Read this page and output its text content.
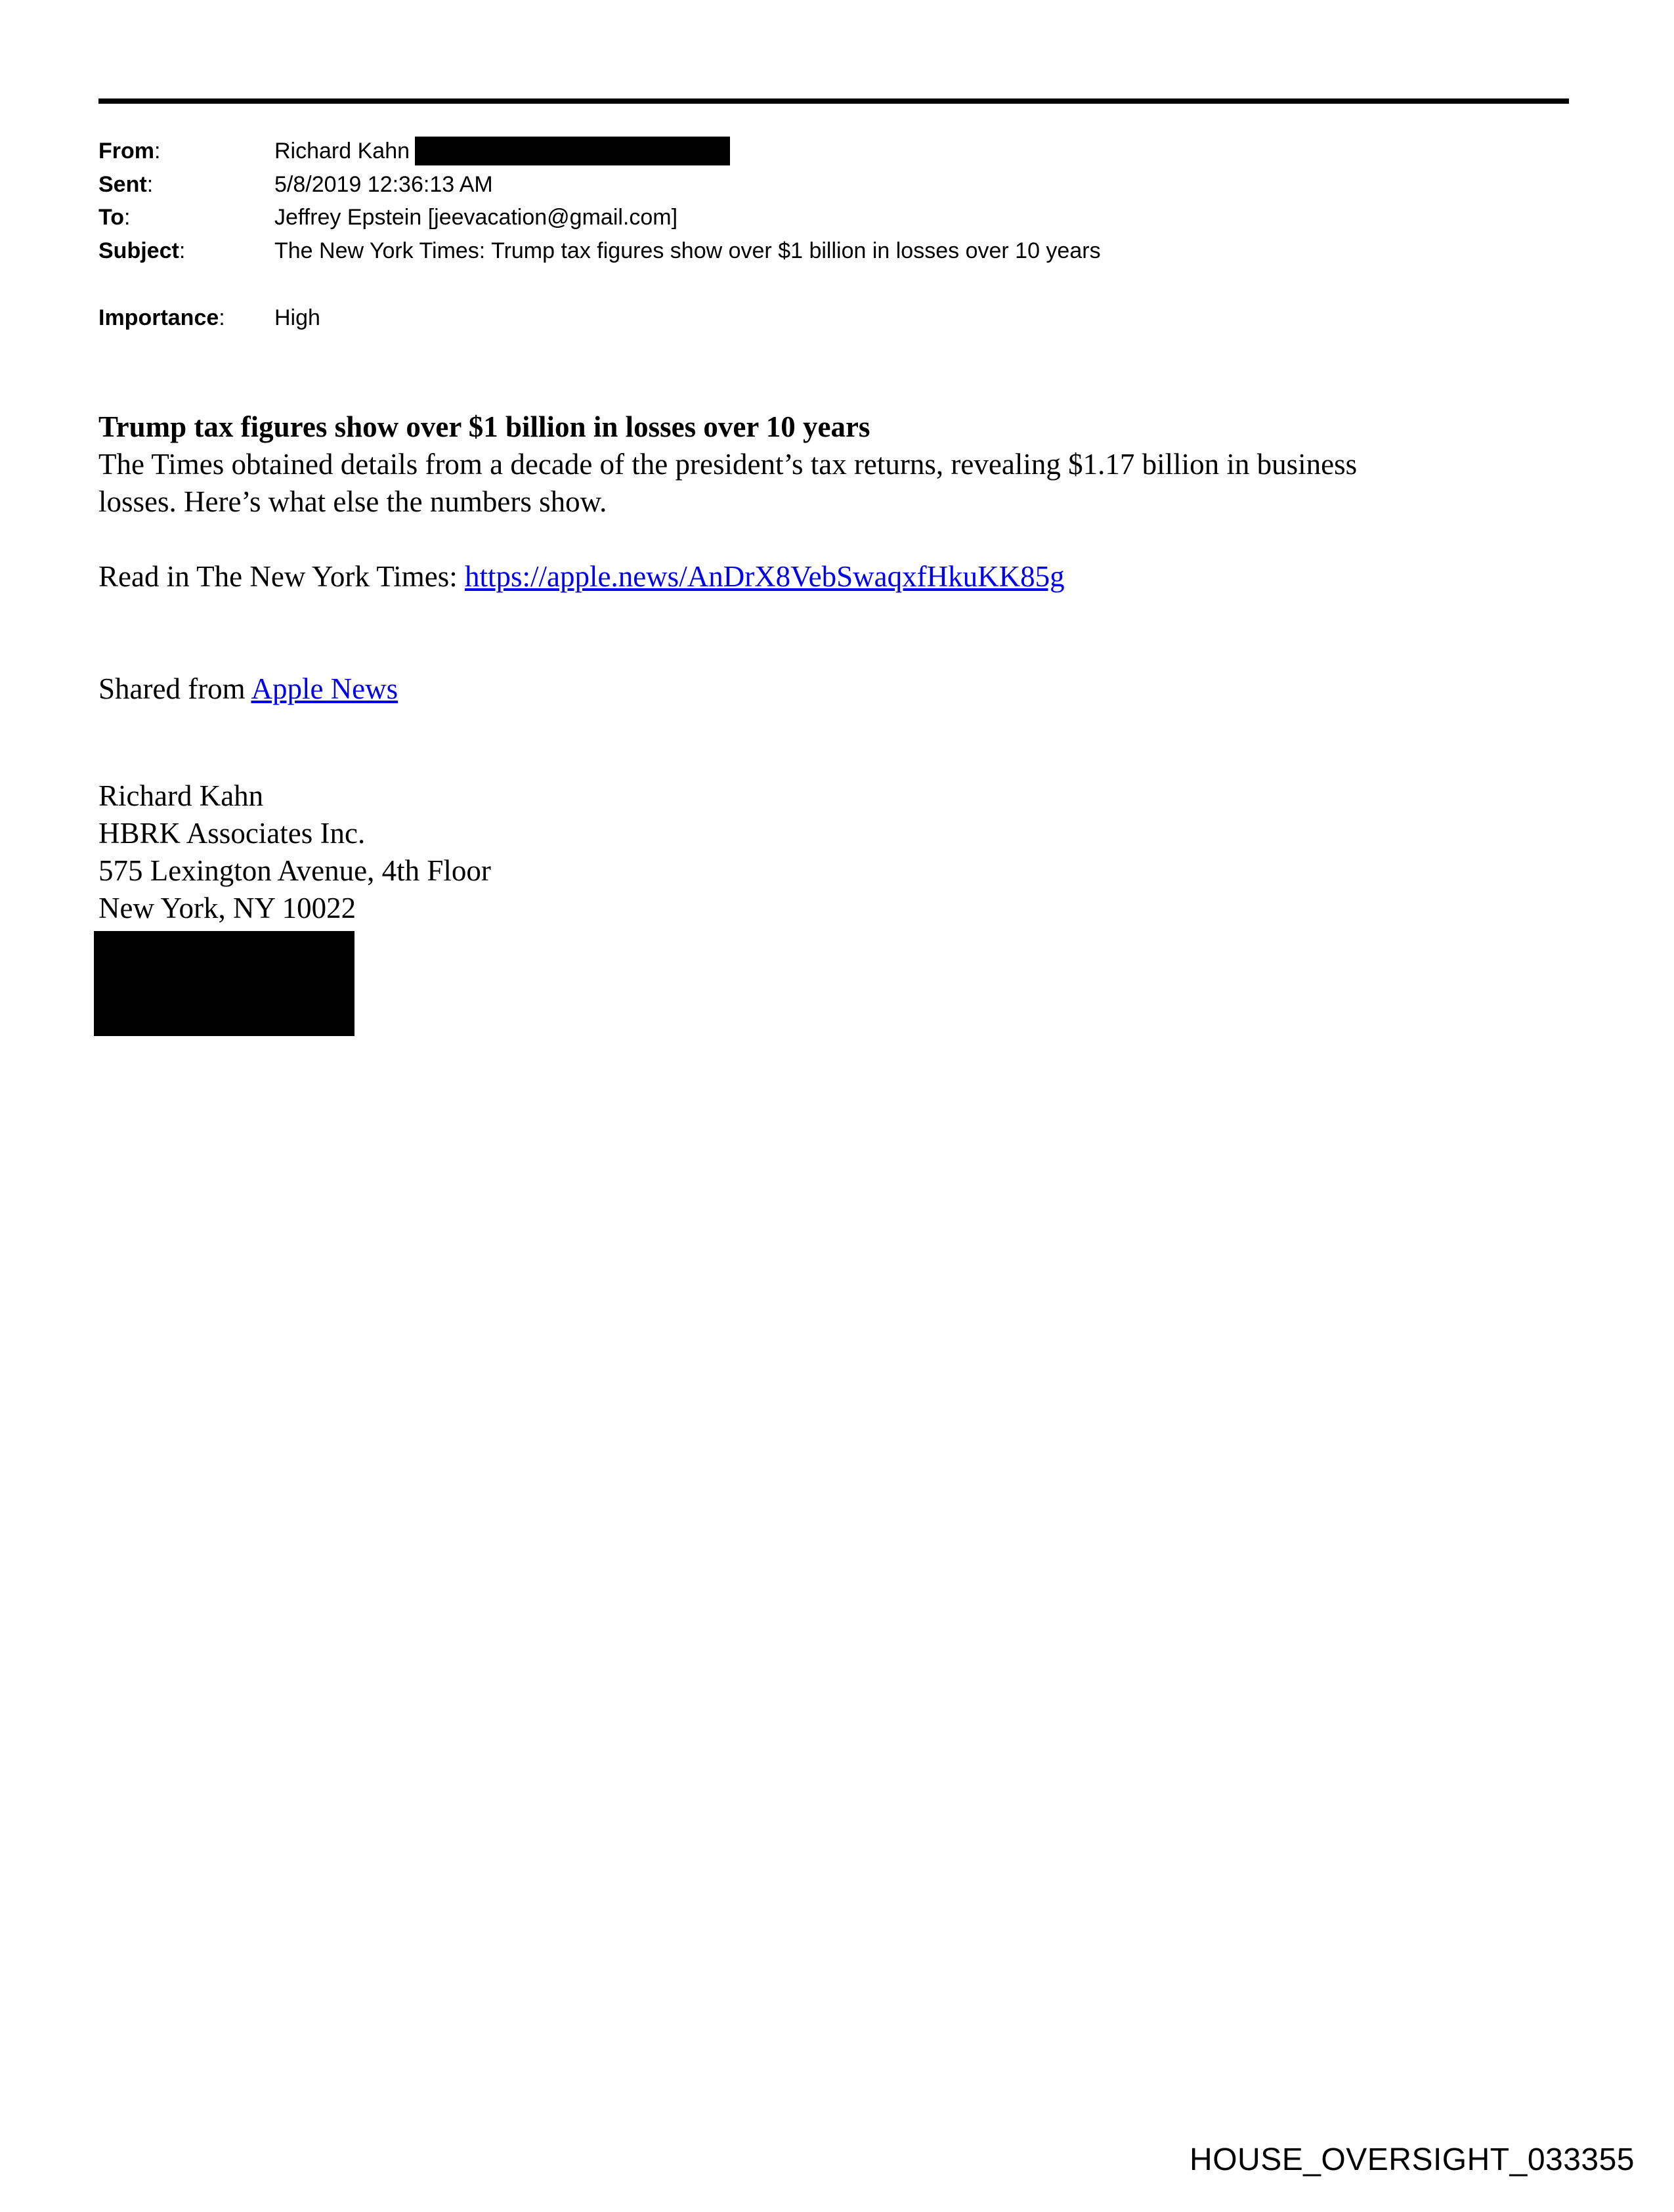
From:	Richard Kahn
Sent:	5/8/2019 12:36:13 AM
To:	Jeffrey Epstein [jeevacation@gmail.com]
Subject:	The New York Times: Trump tax figures show over $1 billion in losses over 10 years
Importance:	High

Trump tax figures show over $1 billion in losses over 10 years

The Times obtained details from a decade of the president’s tax returns, revealing $1.17 billion in business

losses. Here’s what else the numbers show.

Read in The New York Times: https://apple.news/AnDrX8VebSwaqxfHkuKK85g

Shared from Apple News

Richard Kahn

HBRK Associates Inc.

575 Lexington Avenue, 4th Floor

New York, NY 10022

HOUSE_OVERSIGHT_033355
